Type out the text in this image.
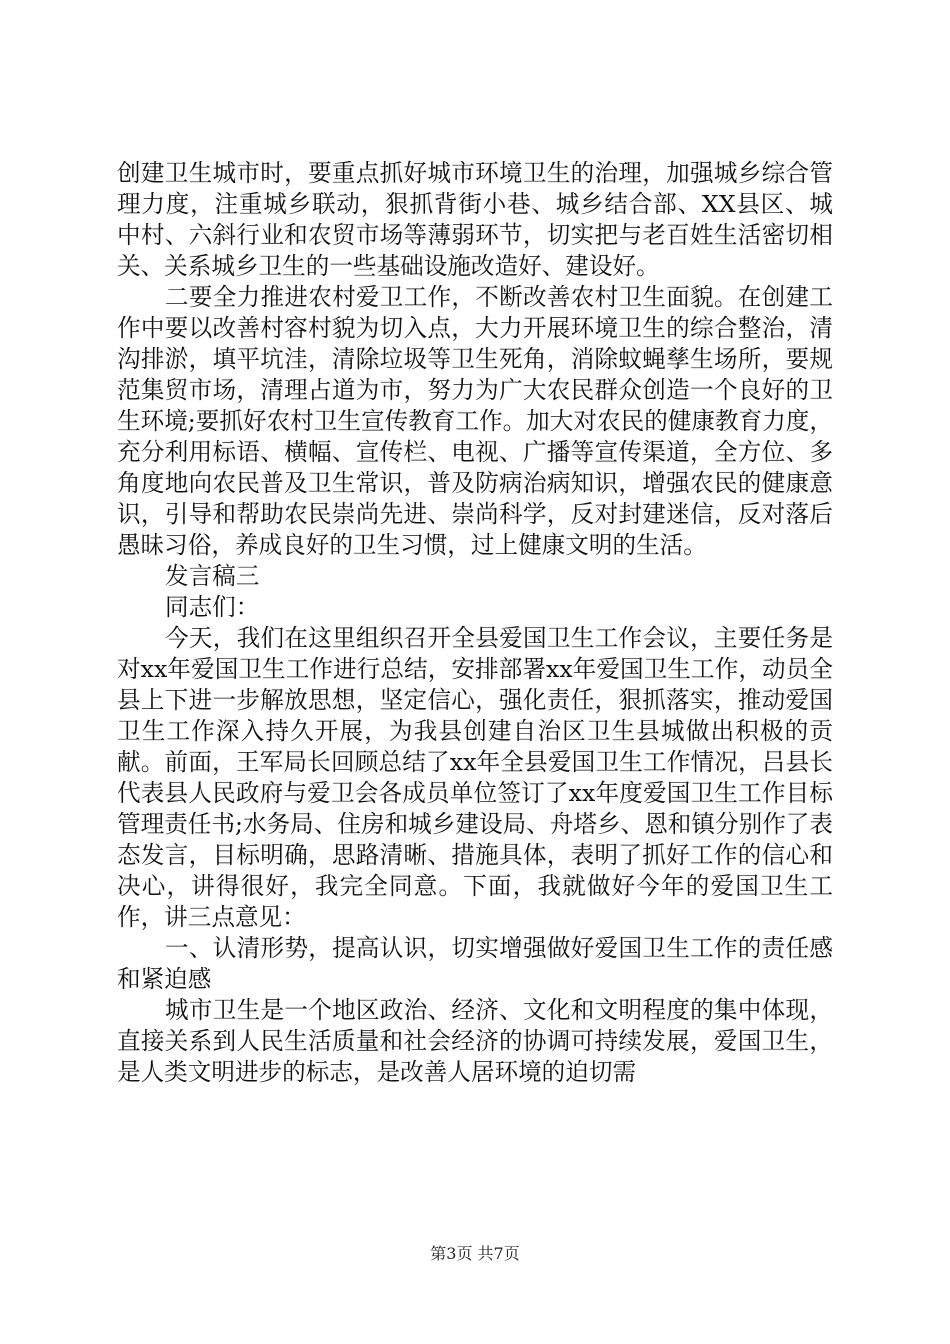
创建卫生城市时，要重点抓好城市环境卫生的治理，加强城乡综合管理力度，注重城乡联动，狠抓背街小巷、城乡结合部、XX县区、城中村、六斜行业和农贸市场等薄弱环节，切实把与老百姓生活密切相关、关系城乡卫生的一些基础设施改造好、建设好。

二要全力推进农村爱卫工作，不断改善农村卫生面貌。在创建工作中要以改善村容村貌为切入点，大力开展环境卫生的综合整治，清沟排淤，填平坑洼，清除垃圾等卫生死角，消除蚊蝇孳生场所，要规范集贸市场，清理占道为市，努力为广大农民群众创造一个良好的卫生环境;要抓好农村卫生宣传教育工作。加大对农民的健康教育力度，充分利用标语、横幅、宣传栏、电视、广播等宣传渠道，全方位、多角度地向农民普及卫生常识，普及防病治病知识，增强农民的健康意识，引导和帮助农民崇尚先进、崇尚科学，反对封建迷信，反对落后愚昧习俗，养成良好的卫生习惯，过上健康文明的生活。

发言稿三

同志们：

今天，我们在这里组织召开全县爱国卫生工作会议，主要任务是对xx年爱国卫生工作进行总结，安排部署xx年爱国卫生工作，动员全县上下进一步解放思想，坚定信心，强化责任，狠抓落实，推动爱国卫生工作深入持久开展，为我县创建自治区卫生县城做出积极的贡献。前面，王军局长回顾总结了xx年全县爱国卫生工作情况，吕县长代表县人民政府与爱卫会各成员单位签订了xx年度爱国卫生工作目标管理责任书;水务局、住房和城乡建设局、舟塔乡、恩和镇分别作了表态发言，目标明确，思路清晰、措施具体，表明了抓好工作的信心和决心，讲得很好，我完全同意。下面，我就做好今年的爱国卫生工作，讲三点意见：

一、认清形势，提高认识，切实增强做好爱国卫生工作的责任感和紧迫感

城市卫生是一个地区政治、经济、文化和文明程度的集中体现，直接关系到人民生活质量和社会经济的协调可持续发展，爱国卫生，是人类文明进步的标志，是改善人居环境的迫切需

第3页 共7页
